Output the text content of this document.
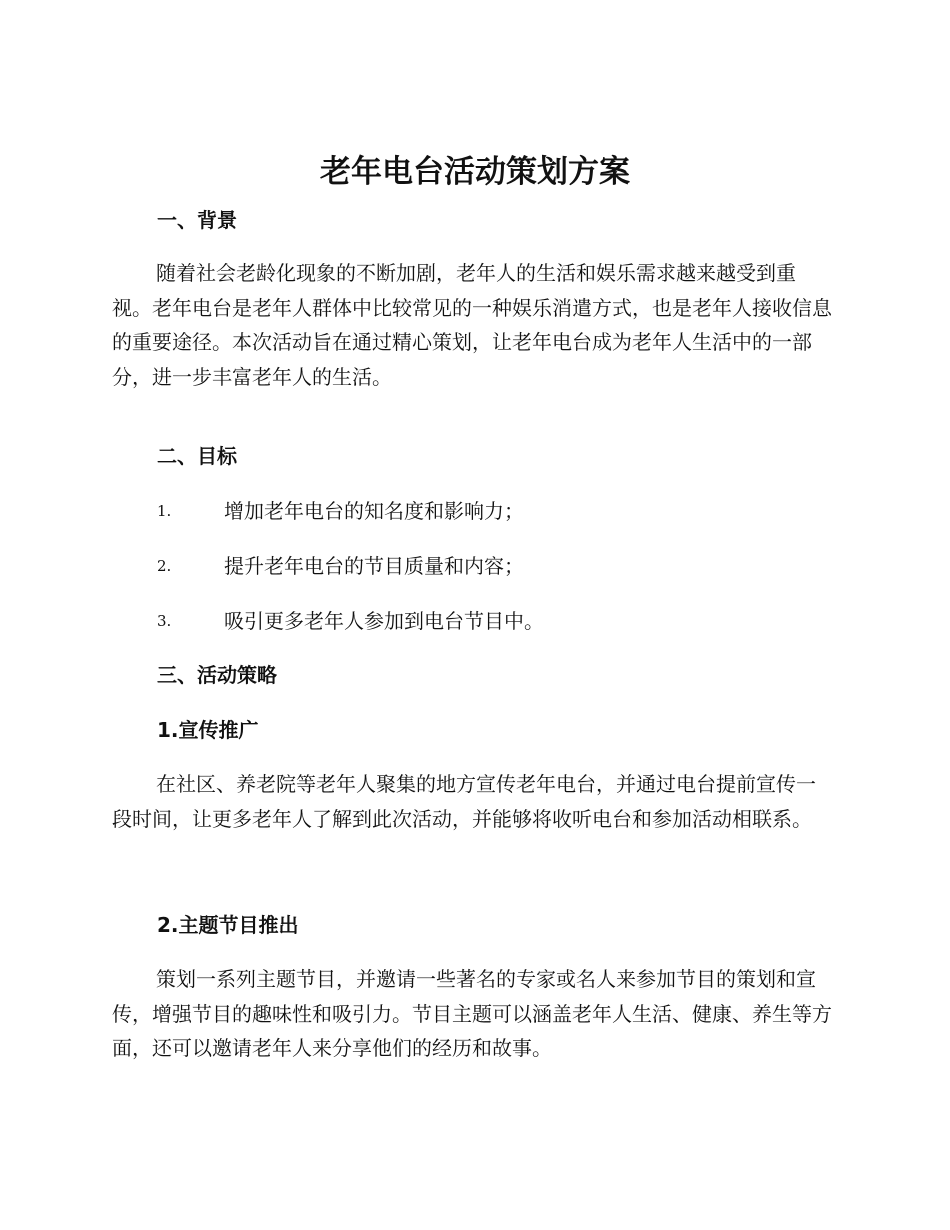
老年电台活动策划方案
一、背景

随着社会老龄化现象的不断加剧，老年人的生活和娱乐需求越来越受到重视。老年电台是老年人群体中比较常见的一种娱乐消遣方式，也是老年人接收信息的重要途径。本次活动旨在通过精心策划，让老年电台成为老年人生活中的一部分，进一步丰富老年人的生活。

二、目标
1.	增加老年电台的知名度和影响力；
2.	提升老年电台的节目质量和内容；
3.	吸引更多老年人参加到电台节目中。
三、活动策略
1.宣传推广

在社区、养老院等老年人聚集的地方宣传老年电台，并通过电台提前宣传一段时间，让更多老年人了解到此次活动，并能够将收听电台和参加活动相联系。

2.主题节目推出

策划一系列主题节目，并邀请一些著名的专家或名人来参加节目的策划和宣传，增强节目的趣味性和吸引力。节目主题可以涵盖老年人生活、健康、养生等方面，还可以邀请老年人来分享他们的经历和故事。
